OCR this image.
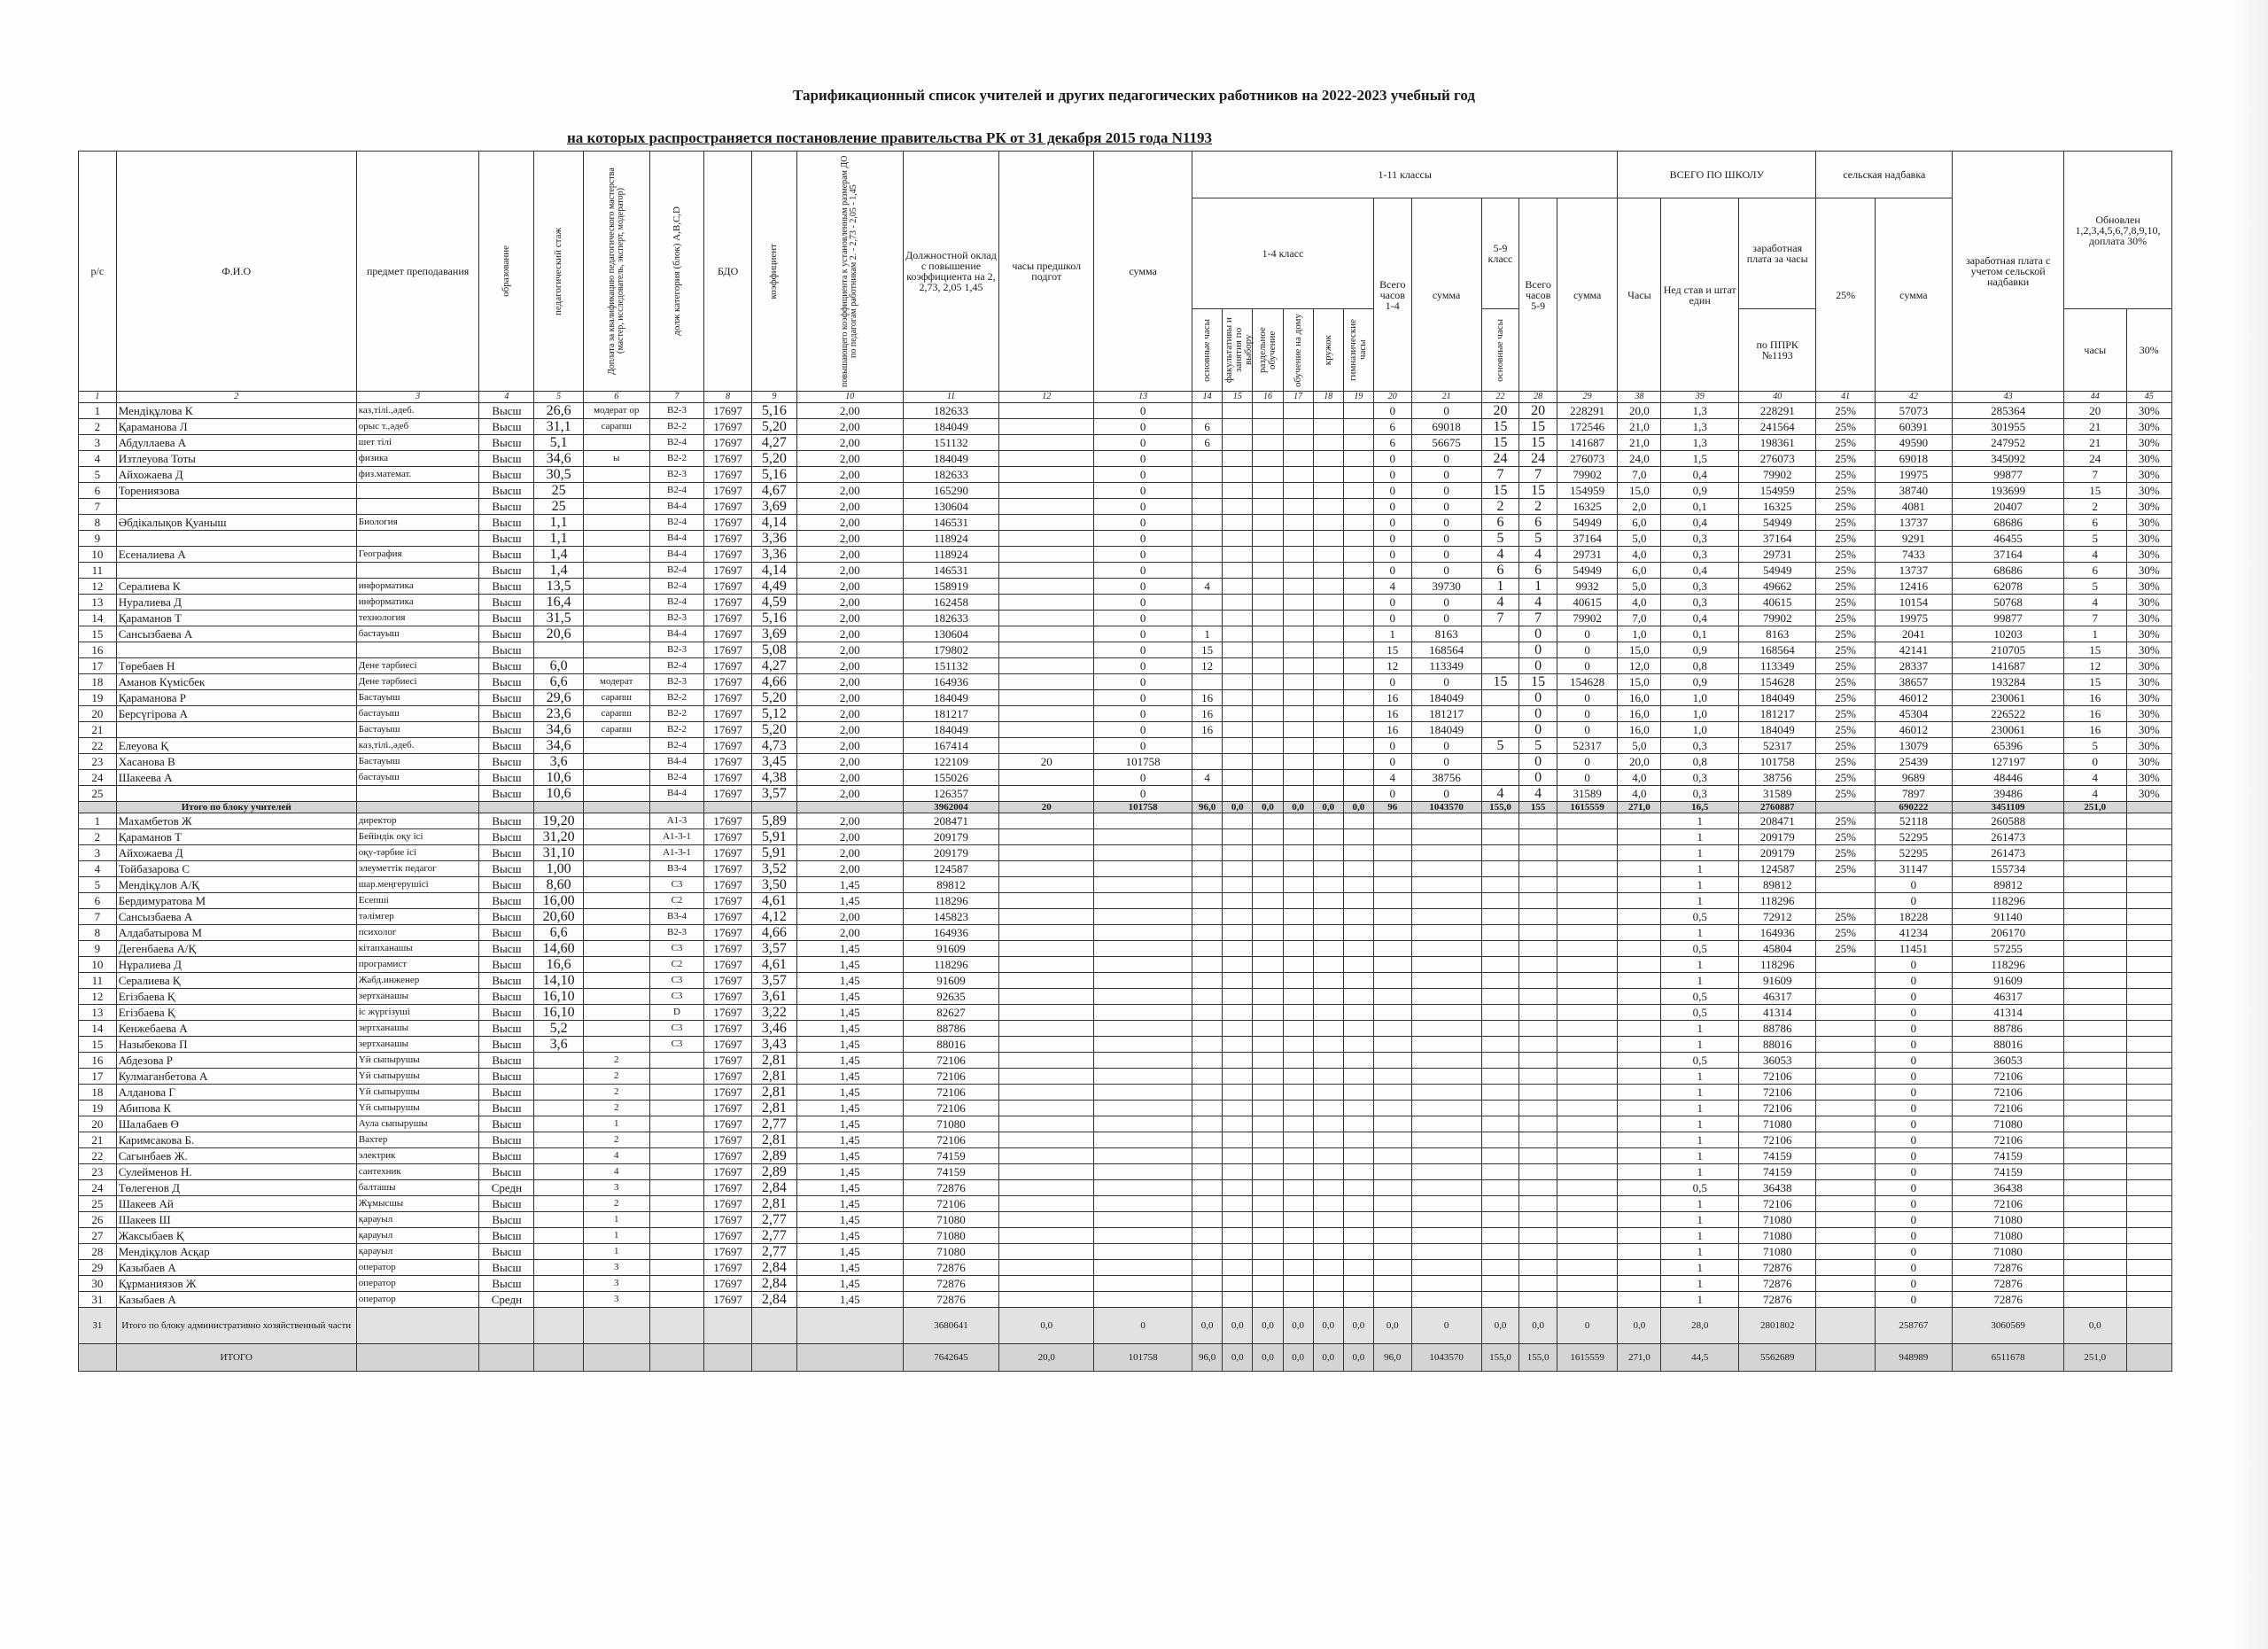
Тарификационный список учителей и других педагогических работников на 2022-2023 учебный год
на которых распространяется постановление правительства РК от 31 декабря 2015 года N1193
р/с	Ф.И.О	предмет преподавания	образование	педагогический стаж	Доплата за квалификацию педагогического мастерства (мастер, исследователь, эксперт, модератор)	долж категория (блок) A,B,C,D	БДО	коэффициент	повышающего коэффициента к установленным размерам ДО по педагогам работникам 2. - 2,73 - 2,05 - 1,45	Должностной оклад с повышение коэффициента на 2, 2,73, 2,05 1,45	часы предшкол подгот	сумма	1-11 классы											ВСЕГО ПО ШКОЛУ			сельская надбавка		заработная плата с учетом сельской надбавки	Обновлен 1,2,3,4,5,6,7,8,9,10, доплата 30%	
													1-4 класс						Всего часов 1-4	сумма	5-9 класс	Всего часов 5-9	сумма	Часы	Нед став и штат един	заработная плата за часы	25%	сумма			

													основные часы	факультативы и занятия по выбору	раздельное обучение	обучение на дому	кружок	гимназические часы			основные часы					по ППРК №1193				часы	30%
1	2	3	4	5	6	7	8	9	10	11	12	13	14	15	16	17	18	19	20	21	22	28	29	38	39	40	41	42	43	44	45
1	Мендіқұлова К	каз,тілі.,әдеб.	Высш	26,6	модерат ор	В2-3	17697	5,16	2,00	182633		0							0	0	20	20	228291	20,0	1,3	228291	25%	57073	285364	20	30%
2	Қараманова Л	орыс т.,әдеб	Высш	31,1	сарапш	В2-2	17697	5,20	2,00	184049		0	6						6	69018	15	15	172546	21,0	1,3	241564	25%	60391	301955	21	30%
3	Абдуллаева А	шет тілі	Высш	5,1		В2-4	17697	4,27	2,00	151132		0	6						6	56675	15	15	141687	21,0	1,3	198361	25%	49590	247952	21	30%
4	Изтлеуова Тоты	физика	Высш	34,6	ы	В2-2	17697	5,20	2,00	184049		0							0	0	24	24	276073	24,0	1,5	276073	25%	69018	345092	24	30%
5	Айхожаева Д	физ.математ.	Высш	30,5		В2-3	17697	5,16	2,00	182633		0							0	0	7	7	79902	7,0	0,4	79902	25%	19975	99877	7	30%
6	Торениязова		Высш	25		В2-4	17697	4,67	2,00	165290		0							0	0	15	15	154959	15,0	0,9	154959	25%	38740	193699	15	30%
7			Высш	25		В4-4	17697	3,69	2,00	130604		0							0	0	2	2	16325	2,0	0,1	16325	25%	4081	20407	2	30%
8	Әбдікалықов Қуаныш	Биология	Высш	1,1		В2-4	17697	4,14	2,00	146531		0							0	0	6	6	54949	6,0	0,4	54949	25%	13737	68686	6	30%
9			Высш	1,1		В4-4	17697	3,36	2,00	118924		0							0	0	5	5	37164	5,0	0,3	37164	25%	9291	46455	5	30%
10	Есеналиева А	География	Высш	1,4		В4-4	17697	3,36	2,00	118924		0							0	0	4	4	29731	4,0	0,3	29731	25%	7433	37164	4	30%
11			Высш	1,4		В2-4	17697	4,14	2,00	146531		0							0	0	6	6	54949	6,0	0,4	54949	25%	13737	68686	6	30%
12	Сералиева К	информатика	Высш	13,5		В2-4	17697	4,49	2,00	158919		0	4						4	39730	1	1	9932	5,0	0,3	49662	25%	12416	62078	5	30%
13	Нуралиева Д	информатика	Высш	16,4		В2-4	17697	4,59	2,00	162458		0							0	0	4	4	40615	4,0	0,3	40615	25%	10154	50768	4	30%
14	Қараманов Т	технология	Высш	31,5		В2-3	17697	5,16	2,00	182633		0							0	0	7	7	79902	7,0	0,4	79902	25%	19975	99877	7	30%
15	Сансызбаева А	бастауыш	Высш	20,6		В4-4	17697	3,69	2,00	130604		0	1						1	8163		0	0	1,0	0,1	8163	25%	2041	10203	1	30%
16			Высш			В2-3	17697	5,08	2,00	179802		0	15						15	168564		0	0	15,0	0,9	168564	25%	42141	210705	15	30%
17	Төребаев Н	Дене тәрбиесі	Высш	6,0		В2-4	17697	4,27	2,00	151132		0	12						12	113349		0	0	12,0	0,8	113349	25%	28337	141687	12	30%
18	Аманов Күмісбек	Дене тәрбиесі	Высш	6,6	модерат	В2-3	17697	4,66	2,00	164936		0							0	0	15	15	154628	15,0	0,9	154628	25%	38657	193284	15	30%
19	Қараманова Р	Бастауыш	Высш	29,6	сарапш	В2-2	17697	5,20	2,00	184049		0	16						16	184049		0	0	16,0	1,0	184049	25%	46012	230061	16	30%
20	Берсүгірова А	бастауыш	Высш	23,6	сарапш	В2-2	17697	5,12	2,00	181217		0	16						16	181217		0	0	16,0	1,0	181217	25%	45304	226522	16	30%
21		Бастауыш	Высш	34,6	сарапш	В2-2	17697	5,20	2,00	184049		0	16						16	184049		0	0	16,0	1,0	184049	25%	46012	230061	16	30%
22	Елеуова Қ	каз,тілі.,әдеб.	Высш	34,6		В2-4	17697	4,73	2,00	167414		0							0	0	5	5	52317	5,0	0,3	52317	25%	13079	65396	5	30%
23	Хасанова В	Бастауыш	Высш	3,6		В4-4	17697	3,45	2,00	122109	20	101758							0	0		0	0	20,0	0,8	101758	25%	25439	127197	0	30%
24	Шакеева А	бастауыш	Высш	10,6		В2-4	17697	4,38	2,00	155026		0	4						4	38756		0	0	4,0	0,3	38756	25%	9689	48446	4	30%
25			Высш	10,6		В4-4	17697	3,57	2,00	126357		0							0	0	4	4	31589	4,0	0,3	31589	25%	7897	39486	4	30%
	Итого по блоку учителей									3962004	20	101758	96,0	0,0	0,0	0,0	0,0	0,0	96	1043570	155,0	155	1615559	271,0	16,5	2760887		690222	3451109	251,0	
1	Махамбетов Ж	директор	Высш	19,20		А1-3	17697	5,89	2,00	208471															1	208471	25%	52118	260588		
2	Қараманов Т	Бейіндік оқу ісі	Высш	31,20		А1-3-1	17697	5,91	2,00	209179															1	209179	25%	52295	261473		
3	Айхожаева Д	оқу-тәрбие ісі	Высш	31,10		А1-3-1	17697	5,91	2,00	209179															1	209179	25%	52295	261473		
4	Тойбазарова С	элеуметтік педагог	Высш	1,00		В3-4	17697	3,52	2,00	124587															1	124587	25%	31147	155734		
5	Мендіқұлов А/Қ	шар.меңгерушісі	Высш	8,60		С3	17697	3,50	1,45	89812															1	89812		0	89812		
6	Бердимуратова М	Есепші	Высш	16,00		С2	17697	4,61	1,45	118296															1	118296		0	118296		
7	Сансызбаева А	тәлімгер	Высш	20,60		В3-4	17697	4,12	2,00	145823															0,5	72912	25%	18228	91140		
8	Алдабатырова М	психолог	Высш	6,6		В2-3	17697	4,66	2,00	164936															1	164936	25%	41234	206170		
9	Дегенбаева А/Қ	кітапханашы	Высш	14,60		С3	17697	3,57	1,45	91609															0,5	45804	25%	11451	57255		
10	Нұралиева Д	програмист	Высш	16,6		С2	17697	4,61	1,45	118296															1	118296		0	118296		
11	Сералиева Қ	Жабд.инженер	Высш	14,10		С3	17697	3,57	1,45	91609															1	91609		0	91609		
12	Егізбаева Қ	зертханашы	Высш	16,10		С3	17697	3,61	1,45	92635															0,5	46317		0	46317		
13	Егізбаева Қ	іс жүргізуші	Высш	16,10		D	17697	3,22	1,45	82627															0,5	41314		0	41314		
14	Кенжебаева А	зертханашы	Высш	5,2		С3	17697	3,46	1,45	88786															1	88786		0	88786		
15	Назыбекова П	зертханашы	Высш	3,6		С3	17697	3,43	1,45	88016															1	88016		0	88016		
16	Абдезова Р	Үй сыпырушы	Высш		2		17697	2,81	1,45	72106															0,5	36053		0	36053		
17	Кулмаганбетова А	Үй сыпырушы	Высш		2		17697	2,81	1,45	72106															1	72106		0	72106		
18	Алданова Г	Үй сыпырушы	Высш		2		17697	2,81	1,45	72106															1	72106		0	72106		
19	Абипова К	Үй сыпырушы	Высш		2		17697	2,81	1,45	72106															1	72106		0	72106		
20	Шалабаев Ө	Аула сыпырушы	Высш		1		17697	2,77	1,45	71080															1	71080		0	71080		
21	Каримсакова Б.	Вахтер	Высш		2		17697	2,81	1,45	72106															1	72106		0	72106		
22	Сагынбаев Ж.	электрик	Высш		4		17697	2,89	1,45	74159															1	74159		0	74159		
23	Сулейменов Н.	сантехник	Высш		4		17697	2,89	1,45	74159															1	74159		0	74159		
24	Төлегенов Д	балташы	Средн		3		17697	2,84	1,45	72876															0,5	36438		0	36438		
25	Шакеев Ай	Жұмысшы	Высш		2		17697	2,81	1,45	72106															1	72106		0	72106		
26	Шакеев Ш	қарауыл	Высш		1		17697	2,77	1,45	71080															1	71080		0	71080		
27	Жаксыбаев Қ	қарауыл	Высш		1		17697	2,77	1,45	71080															1	71080		0	71080		
28	Мендіқұлов Асқар	қарауыл	Высш		1		17697	2,77	1,45	71080															1	71080		0	71080		
29	Казыбаев А	оператор	Высш		3		17697	2,84	1,45	72876															1	72876		0	72876		
30	Құрманиязов Ж	оператор	Высш		3		17697	2,84	1,45	72876															1	72876		0	72876		
31	Казыбаев А	оператор	Средн		3		17697	2,84	1,45	72876															1	72876		0	72876		
31	Итого по блоку административно хозяйственный части									3680641	0,0	0	0,0	0,0	0,0	0,0	0,0	0,0	0,0	0	0,0	0,0	0	0,0	28,0	2801802		258767	3060569	0,0	
	ИТОГО									7642645	20,0	101758	96,0	0,0	0,0	0,0	0,0	0,0	96,0	1043570	155,0	155,0	1615559	271,0	44,5	5562689		948989	6511678	251,0	
